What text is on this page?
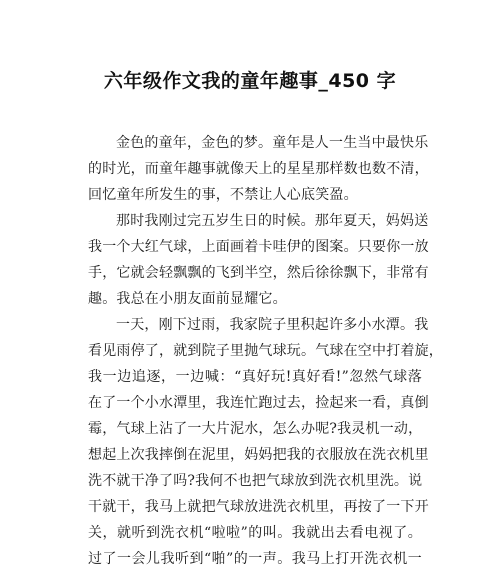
六年级作文我的童年趣事_450 字
金色的童年，金色的梦。童年是人一生当中最快乐
的时光，而童年趣事就像天上的星星那样数也数不清，
回忆童年所发生的事，不禁让人心底笑盈。
那时我刚过完五岁生日的时候。那年夏天，妈妈送
我一个大红气球，上面画着卡哇伊的图案。只要你一放
手，它就会轻飘飘的飞到半空，然后徐徐飘下，非常有
趣。我总在小朋友面前显耀它。
一天，刚下过雨，我家院子里积起许多小水潭。我
看见雨停了，就到院子里抛气球玩。气球在空中打着旋，
我一边追逐，一边喊：“真好玩!真好看!”忽然气球落
在了一个小水潭里，我连忙跑过去，捡起来一看，真倒
霉，气球上沾了一大片泥水，怎么办呢?我灵机一动，
想起上次我摔倒在泥里，妈妈把我的衣服放在洗衣机里
洗不就干净了吗?我何不也把气球放到洗衣机里洗。说
干就干，我马上就把气球放进洗衣机里，再按了一下开
关，就听到洗衣机“啦啦”的叫。我就出去看电视了。
过了一会儿我听到“啪”的一声。我马上打开洗衣机一
